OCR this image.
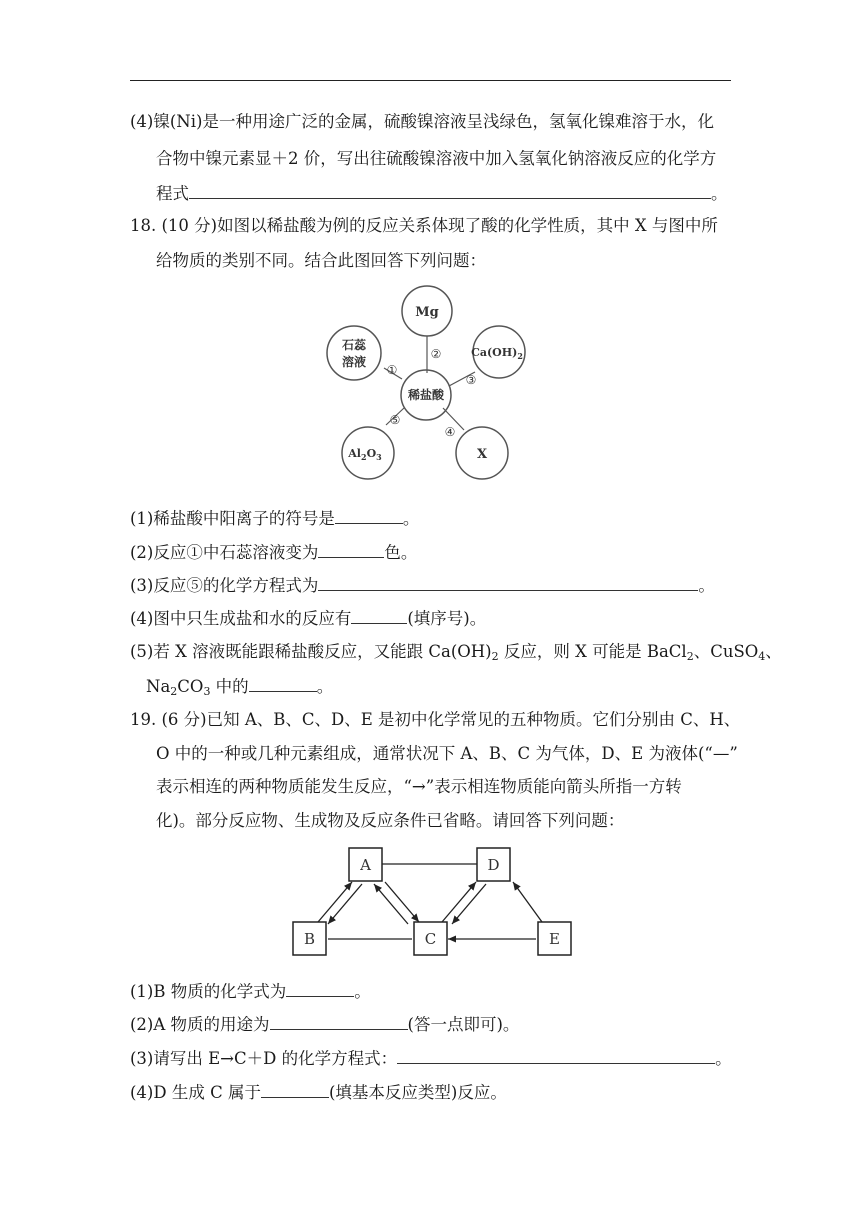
(4)镍(Ni)是一种用途广泛的金属，硫酸镍溶液呈浅绿色，氢氧化镍难溶于水，化
合物中镍元素显＋2 价，写出往硫酸镍溶液中加入氢氧化钠溶液反应的化学方
程式	。
18. (10 分)如图以稀盐酸为例的反应关系体现了酸的化学性质，其中 X 与图中所
给物质的类别不同。结合此图回答下列问题：
Mg
石蕊
溶液
$Ca(OH)_2$
稀盐酸
$Al_2O_3$	X
①
②
③
④
⑤
(1)稀盐酸中阳离子的符号是	。
(2)反应①中石蕊溶液变为	色。
(3)反应⑤的化学方程式为	。
(4)图中只生成盐和水的反应有	(填序号)。
(5)若 X 溶液既能跟稀盐酸反应，又能跟 $Ca(OH)_2$ 反应，则 X 可能是 BaCl$_2$、CuSO$_4$、
$Na_2CO_3$ 中的	。
19. (6 分)已知 A、B、C、D、E 是初中化学常见的五种物质。它们分别由 C、H、
O 中的一种或几种元素组成，通常状况下 A、B、C 为气体，D、E 为液体(“—”
表示相连的两种物质能发生反应，“→”表示相连物质能向箭头所指一方转
化)。部分反应物、生成物及反应条件已省略。请回答下列问题：
A	D
B	C	E
(1)B 物质的化学式为	。
(2)A 物质的用途为	(答一点即可)。
(3)请写出 E→C＋D 的化学方程式：	。
(4)D 生成 C 属于	(填基本反应类型)反应。
